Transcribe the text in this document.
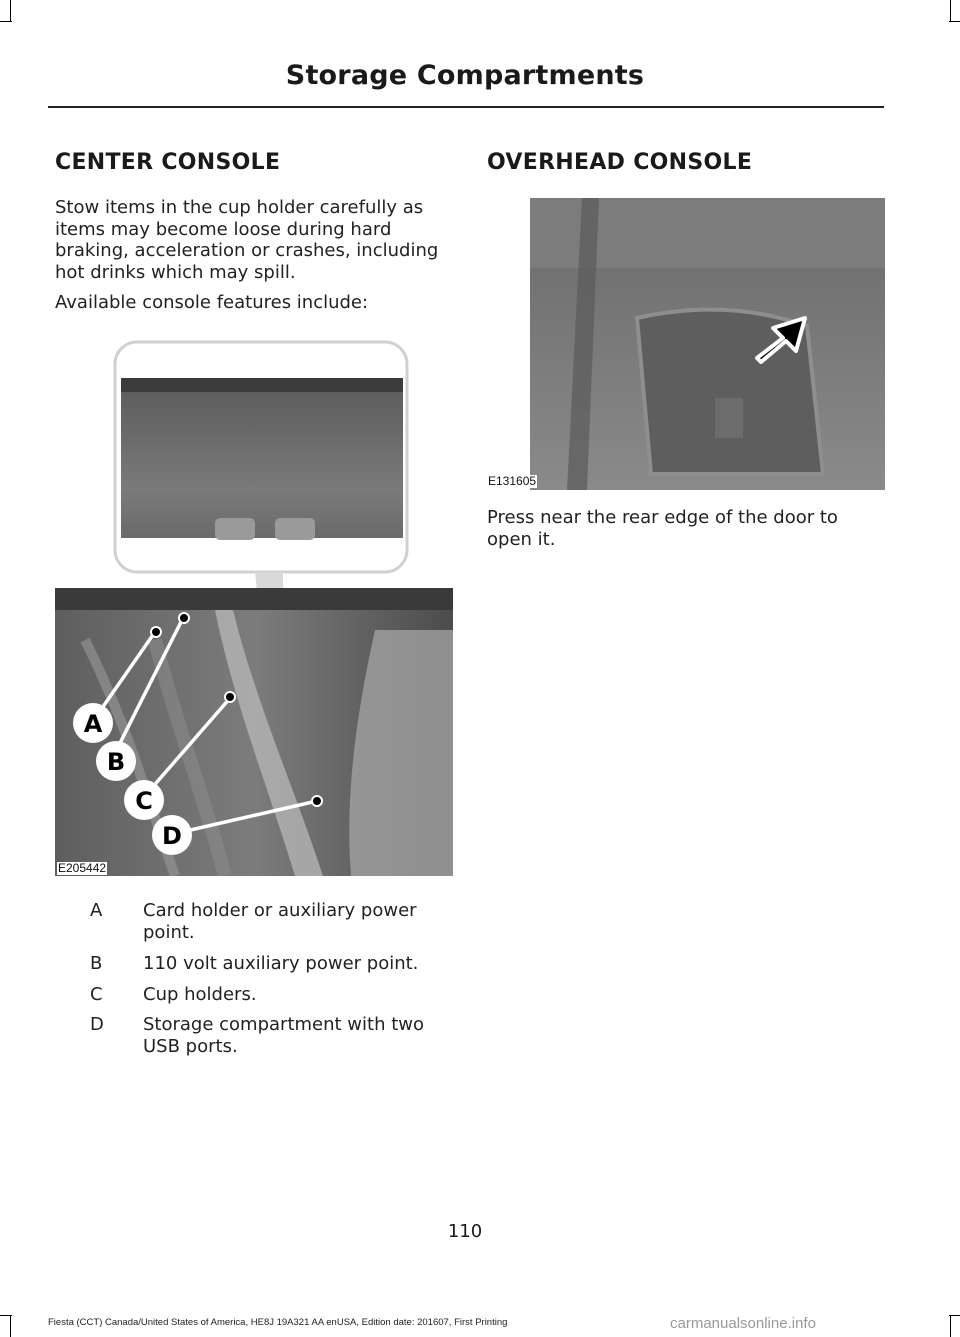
Storage Compartments
CENTER CONSOLE
Stow items in the cup holder carefully as items may become loose during hard braking, acceleration or crashes, including hot drinks which may spill.
Available console features include:
A
B
C
D
E205442
A Card holder or auxiliary power point.
B 110 volt auxiliary power point.
C Cup holders.
D Storage compartment with two USB ports.
OVERHEAD CONSOLE
E131605
Press near the rear edge of the door to open it.
110
Fiesta (CCT) Canada/United States of America, HE8J 19A321 AA enUSA, Edition date: 201607, First Printing	carmanualsonline.info
